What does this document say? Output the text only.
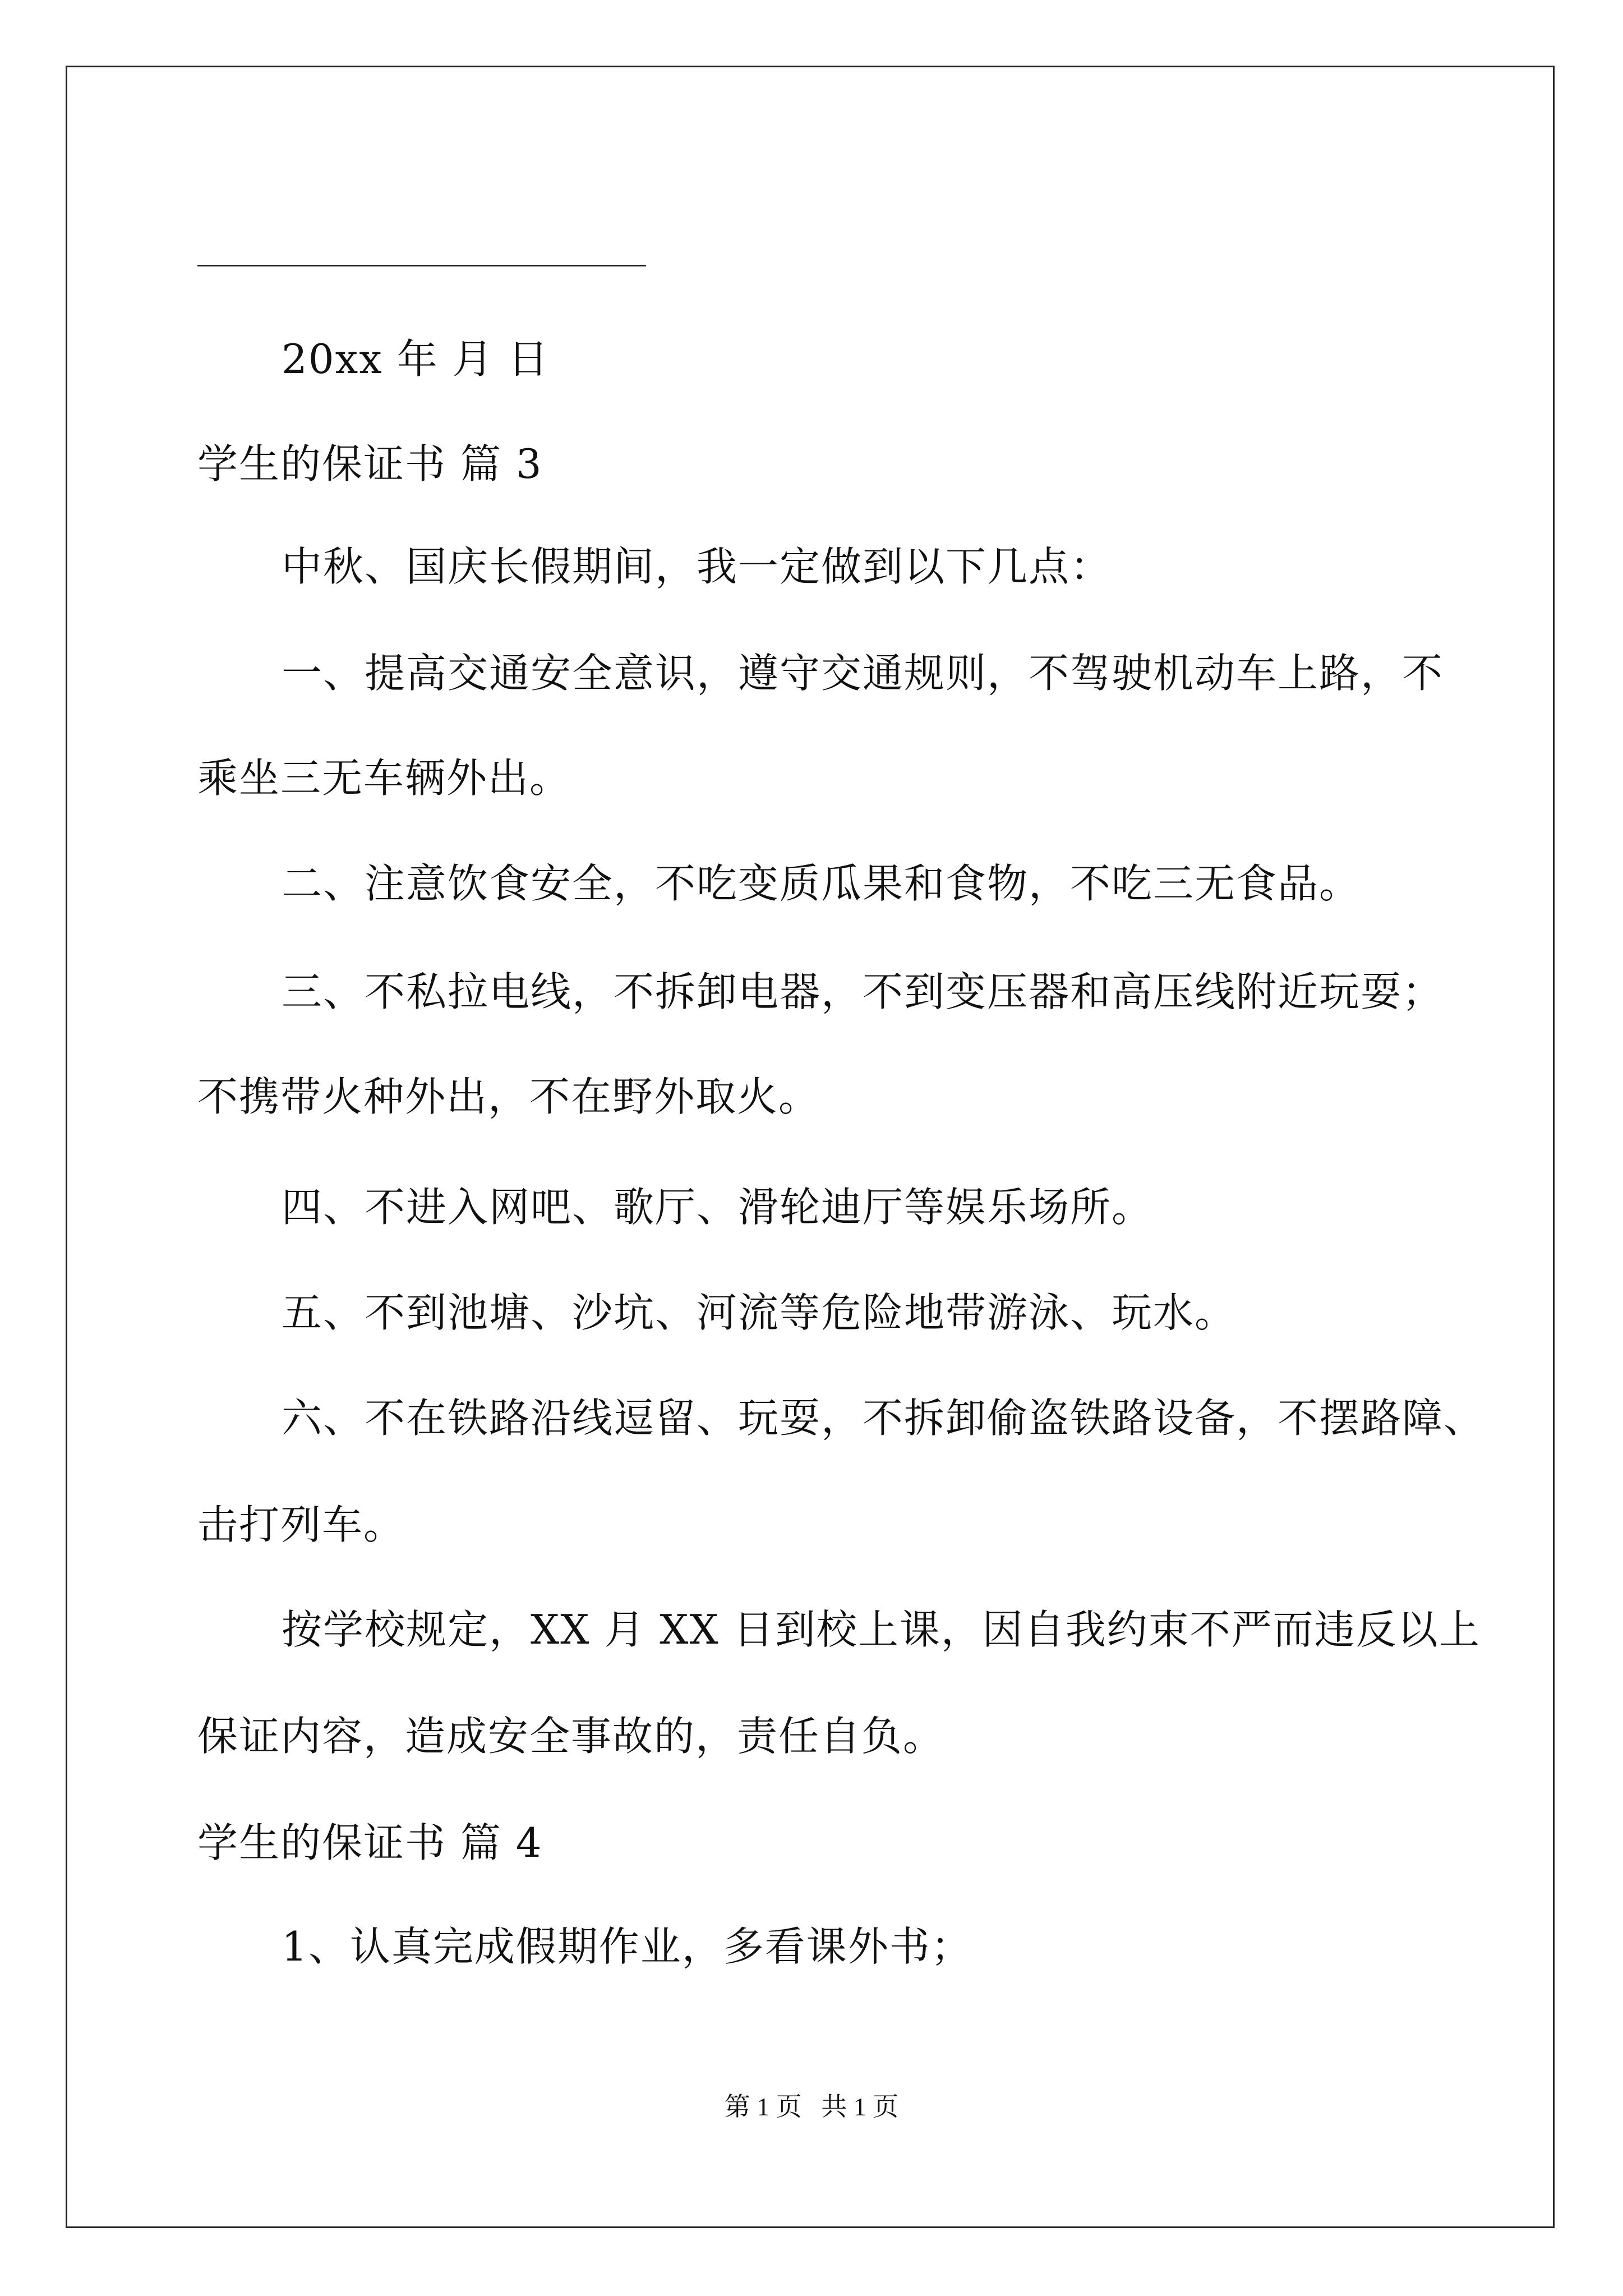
20xx 年 月 日
学生的保证书 篇 3
中秋、国庆长假期间，我一定做到以下几点：
一、提高交通安全意识，遵守交通规则，不驾驶机动车上路，不
乘坐三无车辆外出。
二、注意饮食安全，不吃变质瓜果和食物，不吃三无食品。
三、不私拉电线，不拆卸电器，不到变压器和高压线附近玩耍；
不携带火种外出，不在野外取火。
四、不进入网吧、歌厅、滑轮迪厅等娱乐场所。
五、不到池塘、沙坑、河流等危险地带游泳、玩水。
六、不在铁路沿线逗留、玩耍，不拆卸偷盗铁路设备，不摆路障、
击打列车。
按学校规定，XX 月 XX 日到校上课，因自我约束不严而违反以上
保证内容，造成安全事故的，责任自负。
学生的保证书 篇 4
1、认真完成假期作业，多看课外书；
第 1 页   共 1 页
